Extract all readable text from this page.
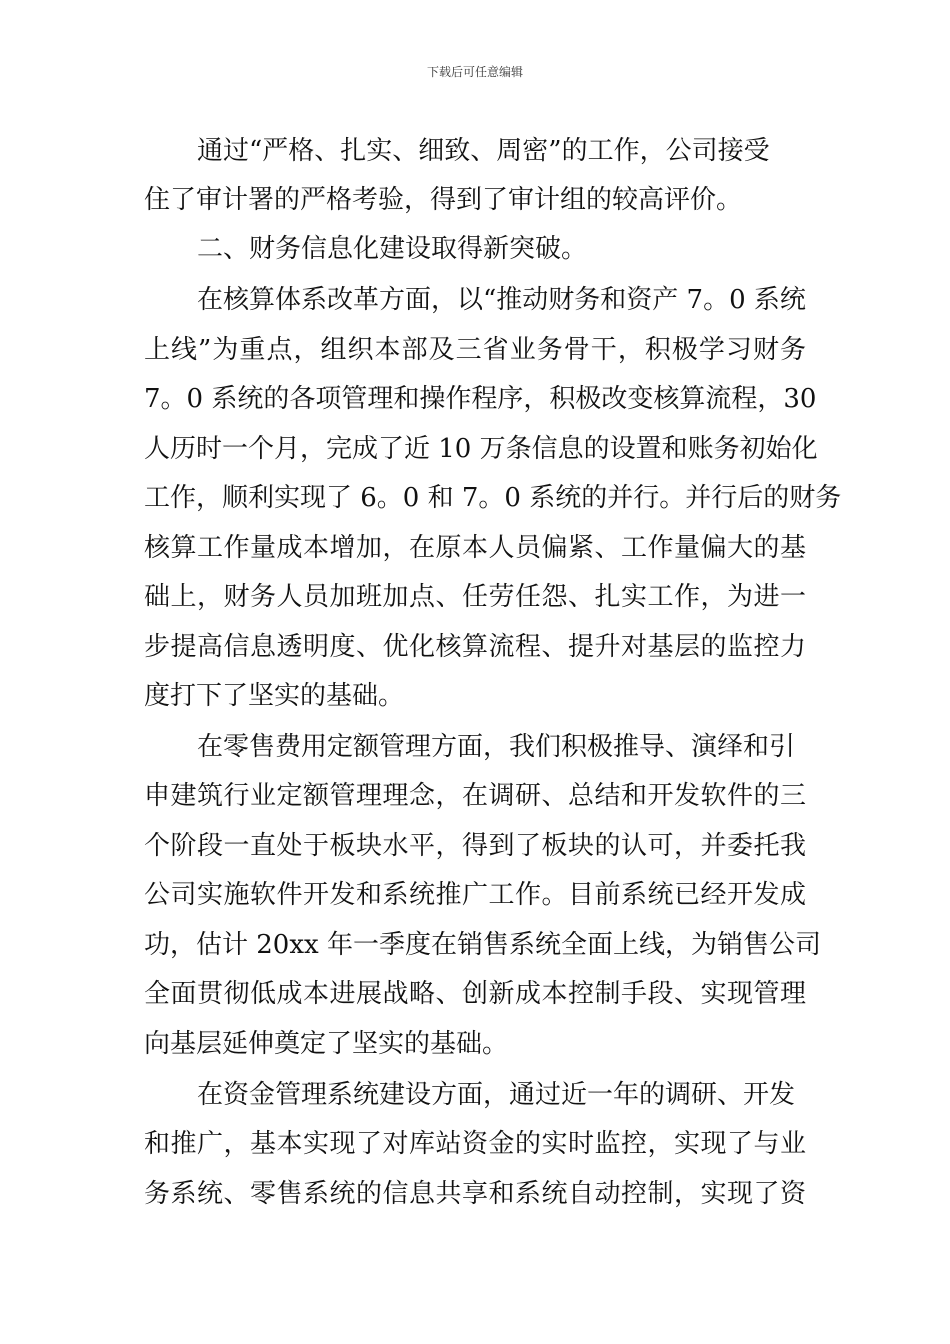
下载后可任意编辑
通过“严格、扎实、细致、周密”的工作，公司接受
住了审计署的严格考验，得到了审计组的较高评价。
二、财务信息化建设取得新突破。
在核算体系改革方面，以“推动财务和资产 7。0 系统
上线”为重点，组织本部及三省业务骨干，积极学习财务
7。0 系统的各项管理和操作程序，积极改变核算流程，30
人历时一个月，完成了近 10 万条信息的设置和账务初始化
工作，顺利实现了 6。0 和 7。0 系统的并行。并行后的财务
核算工作量成本增加，在原本人员偏紧、工作量偏大的基
础上，财务人员加班加点、任劳任怨、扎实工作，为进一
步提高信息透明度、优化核算流程、提升对基层的监控力
度打下了坚实的基础。
在零售费用定额管理方面，我们积极推导、演绎和引
申建筑行业定额管理理念，在调研、总结和开发软件的三
个阶段一直处于板块水平，得到了板块的认可，并委托我
公司实施软件开发和系统推广工作。目前系统已经开发成
功，估计 20xx 年一季度在销售系统全面上线，为销售公司
全面贯彻低成本进展战略、创新成本控制手段、实现管理
向基层延伸奠定了坚实的基础。
在资金管理系统建设方面，通过近一年的调研、开发
和推广，基本实现了对库站资金的实时监控，实现了与业
务系统、零售系统的信息共享和系统自动控制，实现了资
